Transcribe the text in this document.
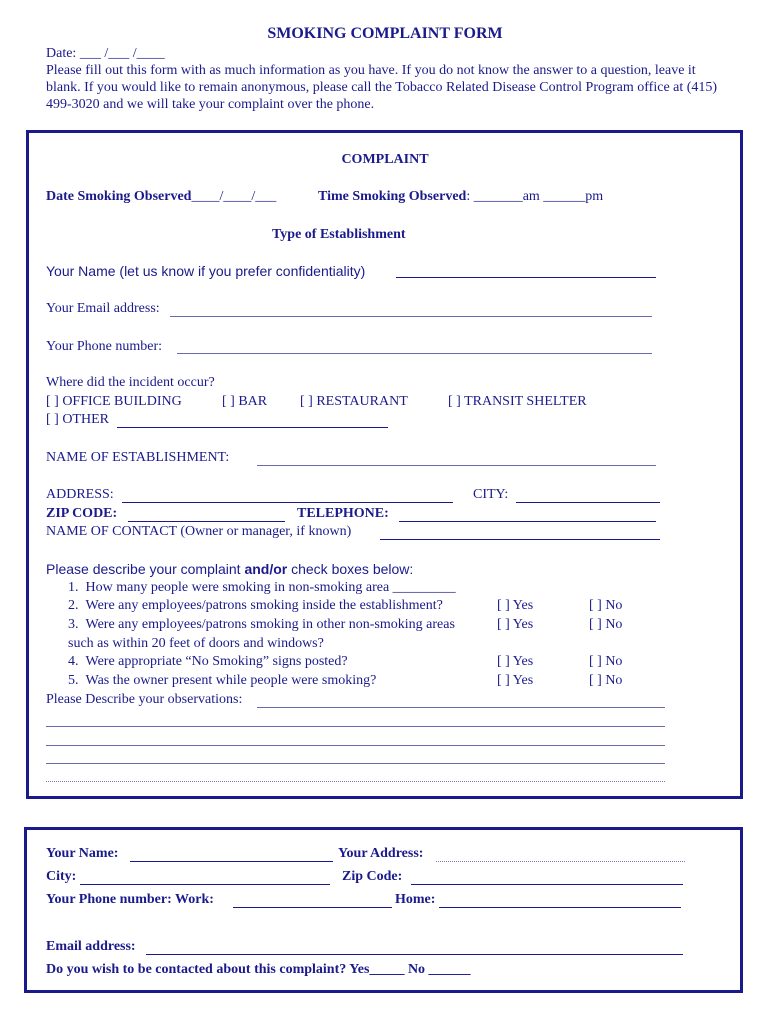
SMOKING COMPLAINT FORM
Date: ___ /___ /____
Please fill out this form with as much information as you have. If you do not know the answer to a question, leave it
blank. If you would like to remain anonymous, please call the Tobacco Related Disease Control Program office at (415)
499-3020 and we will take your complaint over the phone.
COMPLAINT
Date Smoking Observed____/____/___	Time Smoking Observed: _______am ______pm
Type of Establishment
Your Name (let us know if you prefer confidentiality)
Your Email address:
Your Phone number:
Where did the incident occur?
[ ] OFFICE BUILDING	[ ] BAR [ ] RESTAURANT	[ ] TRANSIT SHELTER
[ ] OTHER
NAME OF ESTABLISHMENT:
ADDRESS:	CITY:
ZIP CODE:	TELEPHONE:
NAME OF CONTACT (Owner or manager, if known)
Please describe your complaint and/or check boxes below:
1. How many people were smoking in non-smoking area _________
2. Were any employees/patrons smoking inside the establishment?	[ ] Yes	[ ] No
3. Were any employees/patrons smoking in other non-smoking areas	[ ] Yes	[ ] No
such as within 20 feet of doors and windows?
4. Were appropriate “No Smoking” signs posted?	[ ] Yes	[ ] No
5. Was the owner present while people were smoking?	[ ] Yes	[ ] No
Please Describe your observations:
Your Name:	Your Address:
City:	Zip Code:
Your Phone number: Work:	Home:
Email address:
Do you wish to be contacted about this complaint? Yes_____ No ______
